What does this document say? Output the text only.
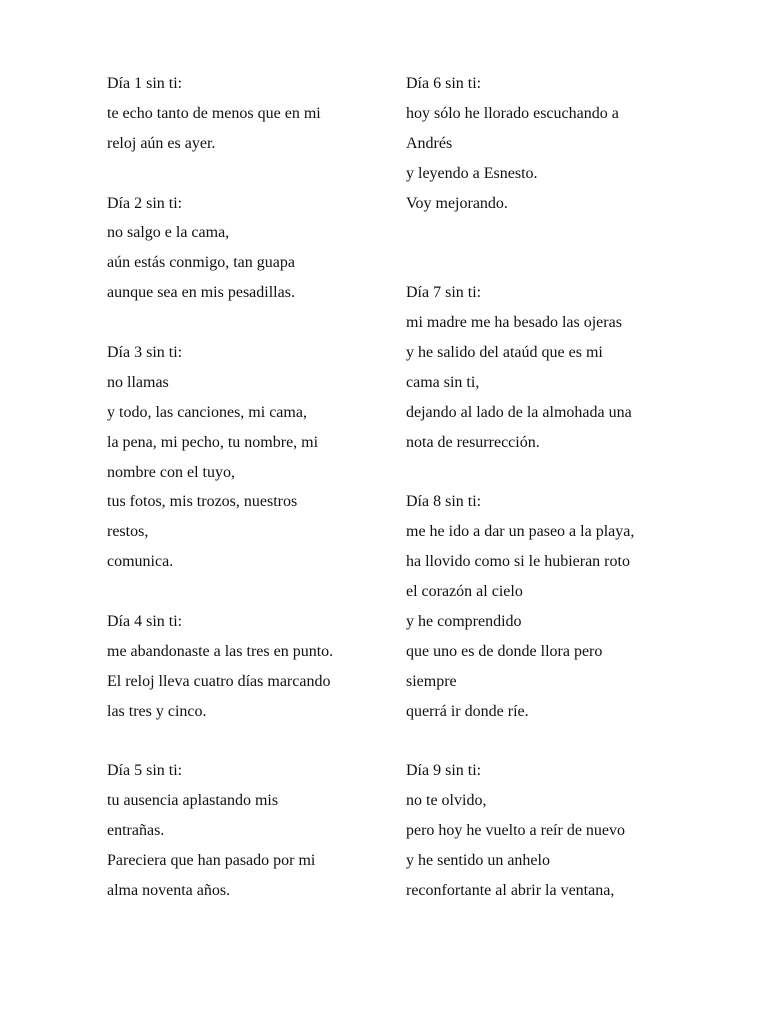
Día 1 sin ti:

te echo tanto de menos que en mi

reloj aún es ayer.

Día 2 sin ti:

no salgo e la cama,

aún estás conmigo, tan guapa

aunque sea en mis pesadillas.

Día 3 sin ti:

no llamas

y todo, las canciones, mi cama,

la pena, mi pecho, tu nombre, mi

nombre con el tuyo,

tus fotos, mis trozos, nuestros

restos,

comunica.

Día 4 sin ti:

me abandonaste a las tres en punto.

El reloj lleva cuatro días marcando

las tres y cinco.

Día 5 sin ti:

tu ausencia aplastando mis

entrañas.

Pareciera que han pasado por mi

alma noventa años.

Día 6 sin ti:

hoy sólo he llorado escuchando a

Andrés

y leyendo a Esnesto.

Voy mejorando.

Día 7 sin ti:

mi madre me ha besado las ojeras

y he salido del ataúd que es mi

cama sin ti,

dejando al lado de la almohada una

nota de resurrección.

Día 8 sin ti:

me he ido a dar un paseo a la playa,

ha llovido como si le hubieran roto

el corazón al cielo

y he comprendido

que uno es de donde llora pero

siempre

querrá ir donde ríe.

Día 9 sin ti:

no te olvido,

pero hoy he vuelto a reír de nuevo

y he sentido un anhelo

reconfortante al abrir la ventana,
